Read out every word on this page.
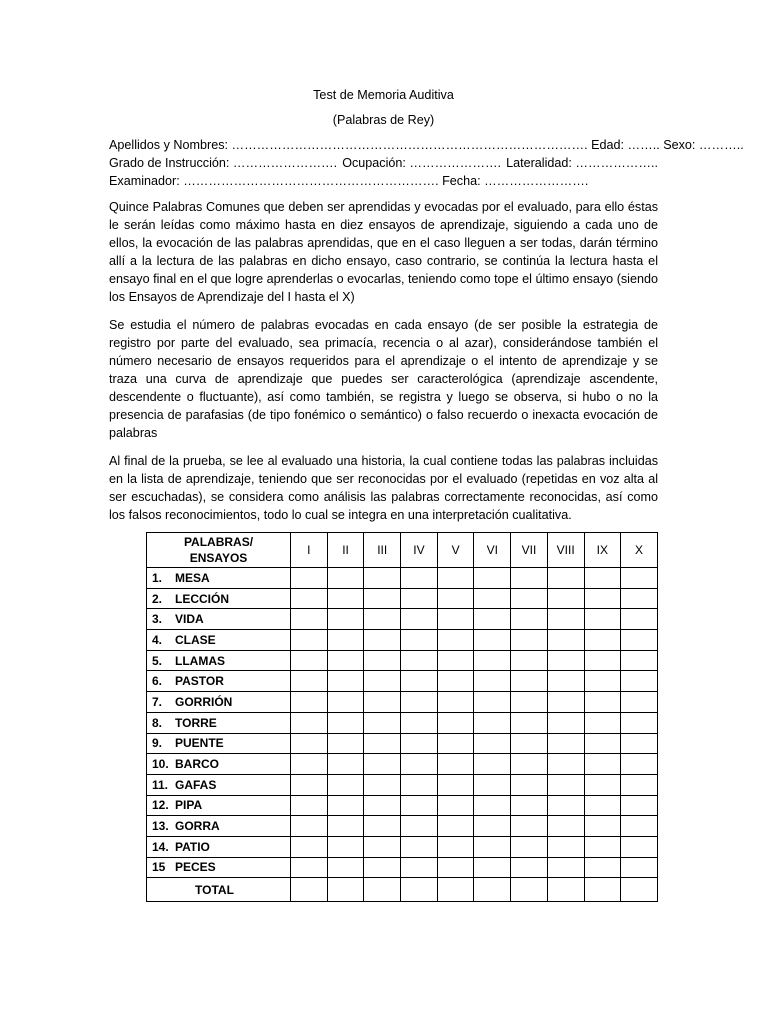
Test de Memoria Auditiva

(Palabras de Rey)

Apellidos y Nombres: …………………………………………………………………………. Edad: …….. Sexo: ………..
Grado de Instrucción: ……………………. Ocupación: …………………. Lateralidad: ………………..
Examinador: ……………………………………………………. Fecha: …………………….

Quince Palabras Comunes que deben ser aprendidas y evocadas por el evaluado, para ello éstas le serán leídas como máximo hasta en diez ensayos de aprendizaje, siguiendo a cada uno de ellos, la evocación de las palabras aprendidas, que en el caso lleguen a ser todas, darán término allí a la lectura de las palabras en dicho ensayo, caso contrario, se continúa la lectura hasta el ensayo final en el que logre aprenderlas o evocarlas, teniendo como tope el último ensayo (siendo los Ensayos de Aprendizaje del I hasta el X)

Se estudia el número de palabras evocadas en cada ensayo (de ser posible la estrategia de registro por parte del evaluado, sea primacía, recencia o al azar), considerándose también el número necesario de ensayos requeridos para el aprendizaje o el intento de aprendizaje y se traza una curva de aprendizaje que puedes ser caracterológica (aprendizaje ascendente, descendente o fluctuante), así como también, se registra y luego se observa, si hubo o no la presencia de parafasias (de tipo fonémico o semántico) o falso recuerdo o inexacta evocación de palabras

Al final de la prueba, se lee al evaluado una historia, la cual contiene todas las palabras incluidas en la lista de aprendizaje, teniendo que ser reconocidas por el evaluado (repetidas en voz alta al ser escuchadas), se considera como análisis las palabras correctamente reconocidas, así como los falsos reconocimientos, todo lo cual se integra en una interpretación cualitativa.

PALABRAS/
ENSAYOS	I	II	III	IV	V	VI	VII	VIII	IX	X
1. MESA										
2. LECCIÓN										
3. VIDA										
4. CLASE										
5. LLAMAS										
6. PASTOR										
7. GORRIÓN										
8. TORRE										
9. PUENTE										
10. BARCO										
11. GAFAS										
12. PIPA										
13. GORRA										
14. PATIO										
15 PECES										
TOTAL										
